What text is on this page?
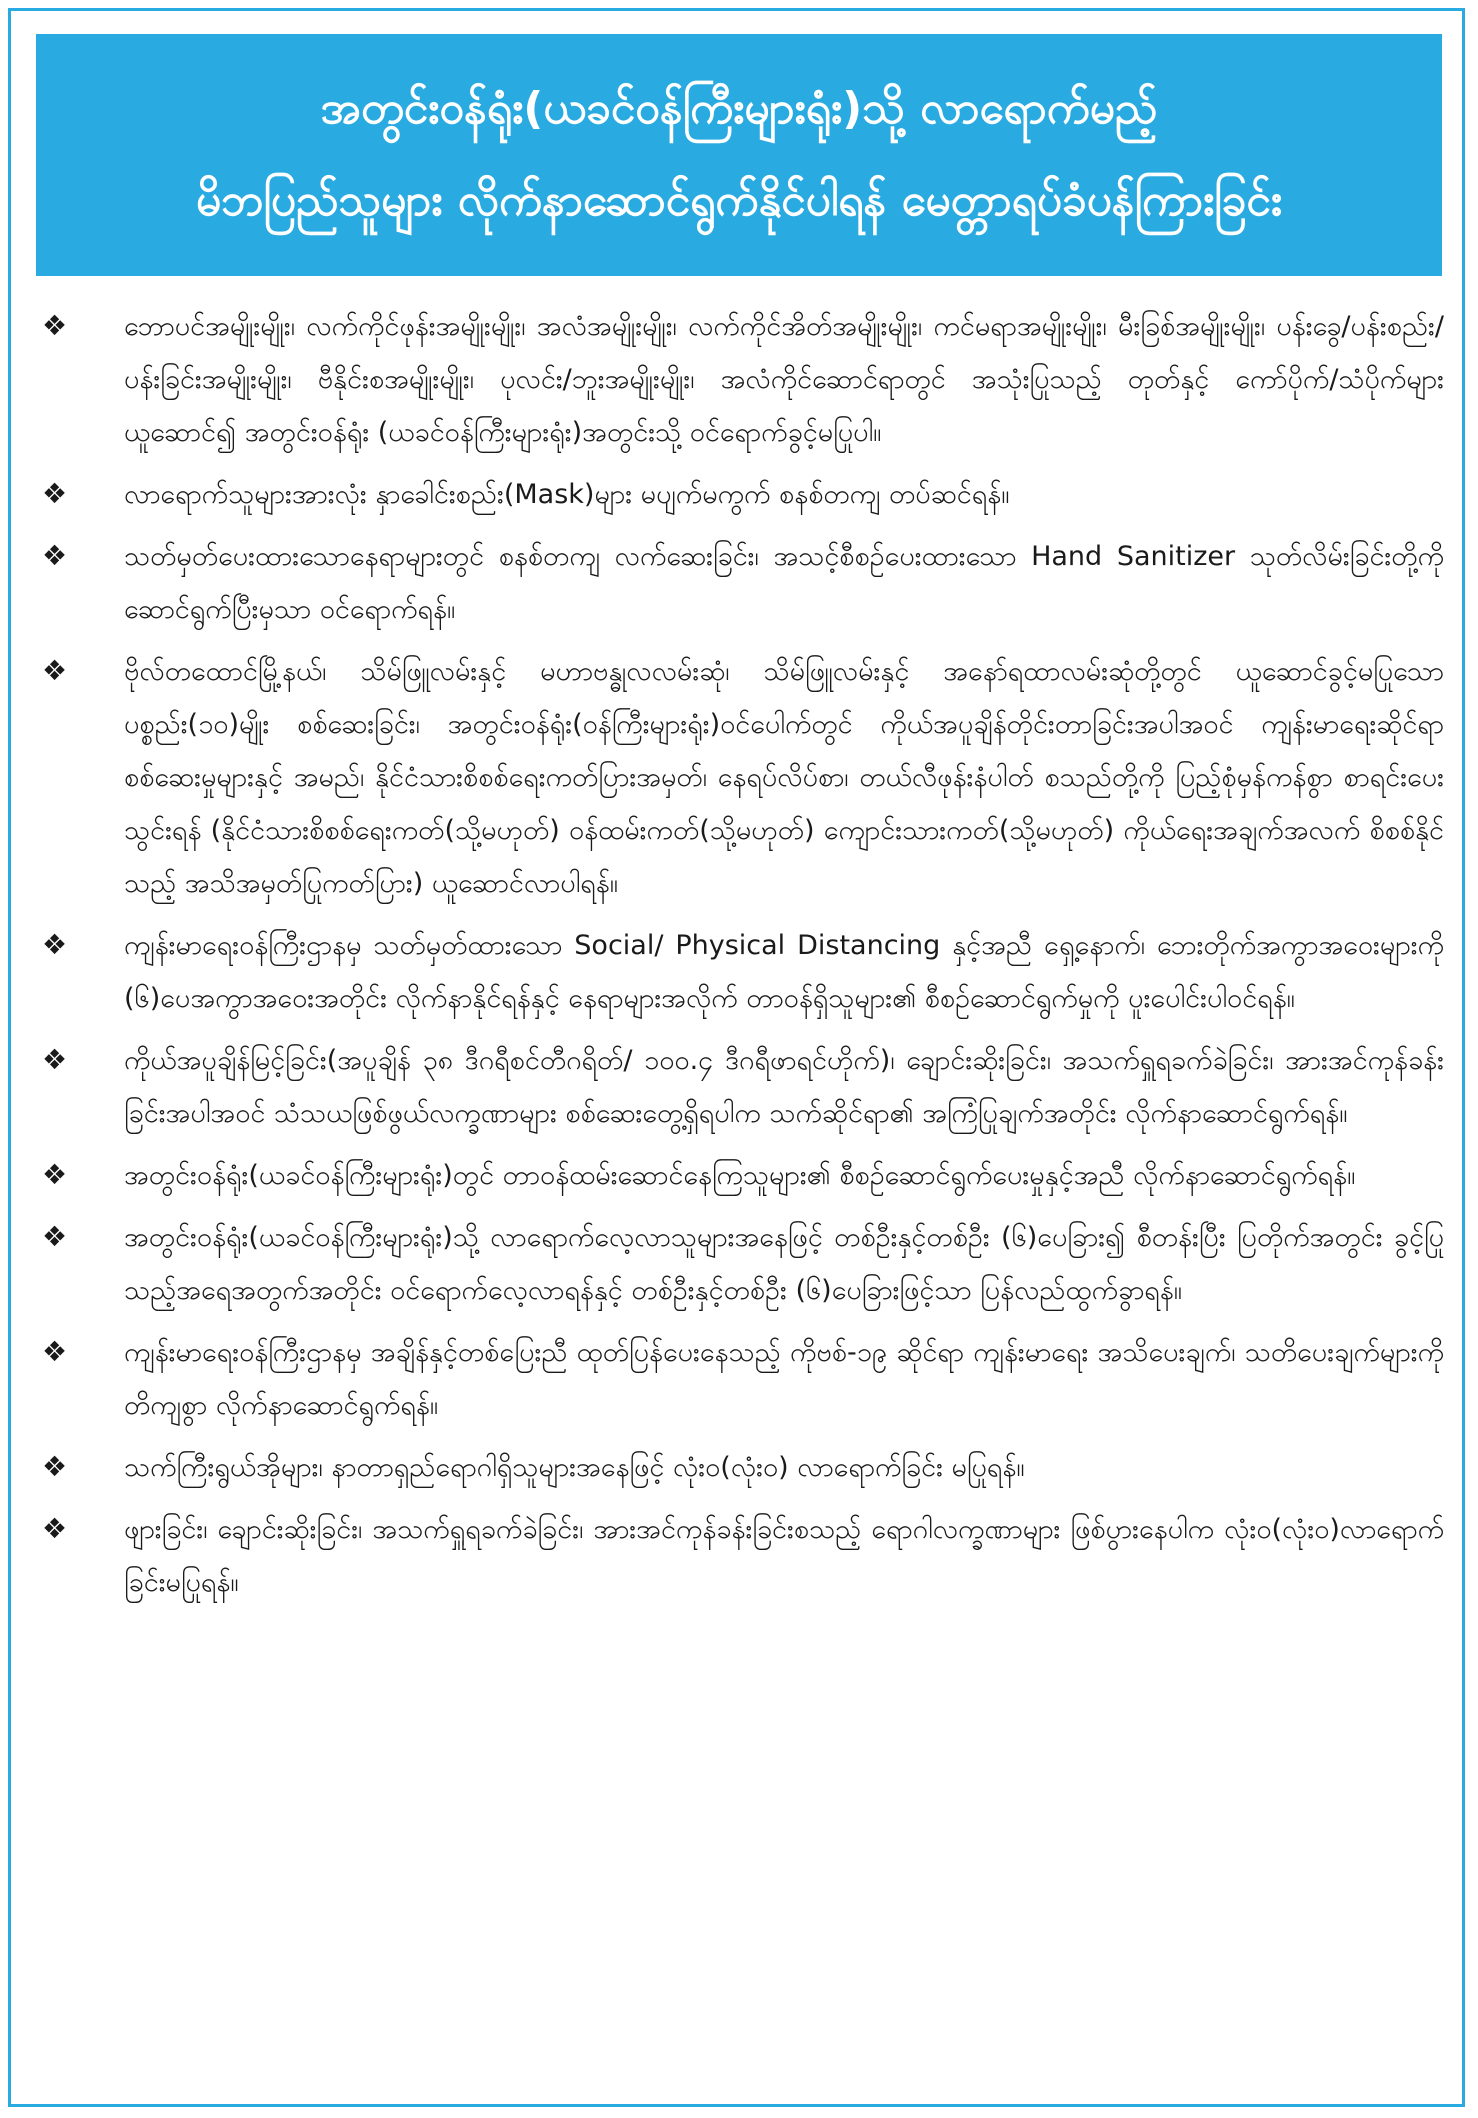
အတွင်းဝန်ရုံး(ယခင်ဝန်ကြီးများရုံး)သို့ လာရောက်မည့်
မိဘပြည်သူများ လိုက်နာဆောင်ရွက်နိုင်ပါရန် မေတ္တာရပ်ခံပန်ကြားခြင်း
❖	ဘောပင်အမျိုးမျိုး၊ လက်ကိုင်ဖုန်းအမျိုးမျိုး၊ အလံအမျိုးမျိုး၊ လက်ကိုင်အိတ်အမျိုးမျိုး၊ ကင်မရာအမျိုးမျိုး၊ မီးခြစ်အမျိုးမျိုး၊ ပန်းခွေ/ပန်းစည်း/ပန်းခြင်းအမျိုးမျိုး၊ ဗီနိုင်းစအမျိုးမျိုး၊ ပုလင်း/ဘူးအမျိုးမျိုး၊ အလံကိုင်ဆောင်ရာတွင် အသုံးပြုသည့် တုတ်နှင့် ကော်ပိုက်/သံပိုက်များ ယူဆောင်၍ အတွင်းဝန်ရုံး (ယခင်ဝန်ကြီးများရုံး)အတွင်းသို့ ဝင်ရောက်ခွင့်မပြုပါ။
❖	လာရောက်သူများအားလုံး နှာခေါင်းစည်း(Mask)များ မပျက်မကွက် စနစ်တကျ တပ်ဆင်ရန်။
❖	သတ်မှတ်ပေးထားသောနေရာများတွင် စနစ်တကျ လက်ဆေးခြင်း၊ အသင့်စီစဉ်ပေးထားသော Hand Sanitizer သုတ်လိမ်းခြင်းတို့ကို ဆောင်ရွက်ပြီးမှသာ ဝင်ရောက်ရန်။
❖	ဗိုလ်တထောင်မြို့နယ်၊ သိမ်ဖြူလမ်းနှင့် မဟာဗန္ဓုလလမ်းဆုံ၊ သိမ်ဖြူလမ်းနှင့် အနော်ရထာလမ်းဆုံတို့တွင် ယူဆောင်ခွင့်မပြုသော ပစ္စည်း(၁၀)မျိုး စစ်ဆေးခြင်း၊ အတွင်းဝန်ရုံး(ဝန်ကြီးများရုံး)ဝင်ပေါက်တွင် ကိုယ်အပူချိန်တိုင်းတာခြင်းအပါအဝင် ကျန်းမာရေးဆိုင်ရာ စစ်ဆေးမှုများနှင့် အမည်၊ နိုင်ငံသားစိစစ်ရေးကတ်ပြားအမှတ်၊ နေရပ်လိပ်စာ၊ တယ်လီဖုန်းနံပါတ် စသည်တို့ကို ပြည့်စုံမှန်ကန်စွာ စာရင်းပေးသွင်းရန် (နိုင်ငံသားစိစစ်ရေးကတ်(သို့မဟုတ်) ဝန်ထမ်းကတ်(သို့မဟုတ်) ကျောင်းသားကတ်(သို့မဟုတ်) ကိုယ်ရေးအချက်အလက် စိစစ်နိုင်သည့် အသိအမှတ်ပြုကတ်ပြား) ယူဆောင်လာပါရန်။
❖	ကျန်းမာရေးဝန်ကြီးဌာနမှ သတ်မှတ်ထားသော Social/ Physical Distancing နှင့်အညီ ရှေ့နောက်၊ ဘေးတိုက်အကွာအဝေးများကို (၆)ပေအကွာအဝေးအတိုင်း လိုက်နာနိုင်ရန်နှင့် နေရာများအလိုက် တာဝန်ရှိသူများ၏ စီစဉ်ဆောင်ရွက်မှုကို ပူးပေါင်းပါဝင်ရန်။
❖	ကိုယ်အပူချိန်မြင့်ခြင်း(အပူချိန် ၃၈ ဒီဂရီစင်တီဂရိတ်/ ၁၀၀.၄ ဒီဂရီဖာရင်ဟိုက်)၊ ချောင်းဆိုးခြင်း၊ အသက်ရှူရခက်ခဲခြင်း၊ အားအင်ကုန်ခန်းခြင်းအပါအဝင် သံသယဖြစ်ဖွယ်လက္ခဏာများ စစ်ဆေးတွေ့ရှိရပါက သက်ဆိုင်ရာ၏ အကြံပြုချက်အတိုင်း လိုက်နာဆောင်ရွက်ရန်။
❖	အတွင်းဝန်ရုံး(ယခင်ဝန်ကြီးများရုံး)တွင် တာဝန်ထမ်းဆောင်နေကြသူများ၏ စီစဉ်ဆောင်ရွက်ပေးမှုနှင့်အညီ လိုက်နာဆောင်ရွက်ရန်။
❖	အတွင်းဝန်ရုံး(ယခင်ဝန်ကြီးများရုံး)သို့ လာရောက်လေ့လာသူများအနေဖြင့် တစ်ဦးနှင့်တစ်ဦး (၆)ပေခြား၍ စီတန်းပြီး ပြတိုက်အတွင်း ခွင့်ပြုသည့်အရေအတွက်အတိုင်း ဝင်ရောက်လေ့လာရန်နှင့် တစ်ဦးနှင့်တစ်ဦး (၆)ပေခြားဖြင့်သာ ပြန်လည်ထွက်ခွာရန်။
❖	ကျန်းမာရေးဝန်ကြီးဌာနမှ အချိန်နှင့်တစ်ပြေးညီ ထုတ်ပြန်ပေးနေသည့် ကိုဗစ်-၁၉ ဆိုင်ရာ ကျန်းမာရေး အသိပေးချက်၊ သတိပေးချက်များကို တိကျစွာ လိုက်နာဆောင်ရွက်ရန်။
❖	သက်ကြီးရွယ်အိုများ၊ နာတာရှည်ရောဂါရှိသူများအနေဖြင့် လုံးဝ(လုံးဝ) လာရောက်ခြင်း မပြုရန်။
❖	ဖျားခြင်း၊ ချောင်းဆိုးခြင်း၊ အသက်ရှူရခက်ခဲခြင်း၊ အားအင်ကုန်ခန်းခြင်းစသည့် ရောဂါလက္ခဏာများ ဖြစ်ပွားနေပါက လုံးဝ(လုံးဝ)လာရောက်ခြင်းမပြုရန်။
